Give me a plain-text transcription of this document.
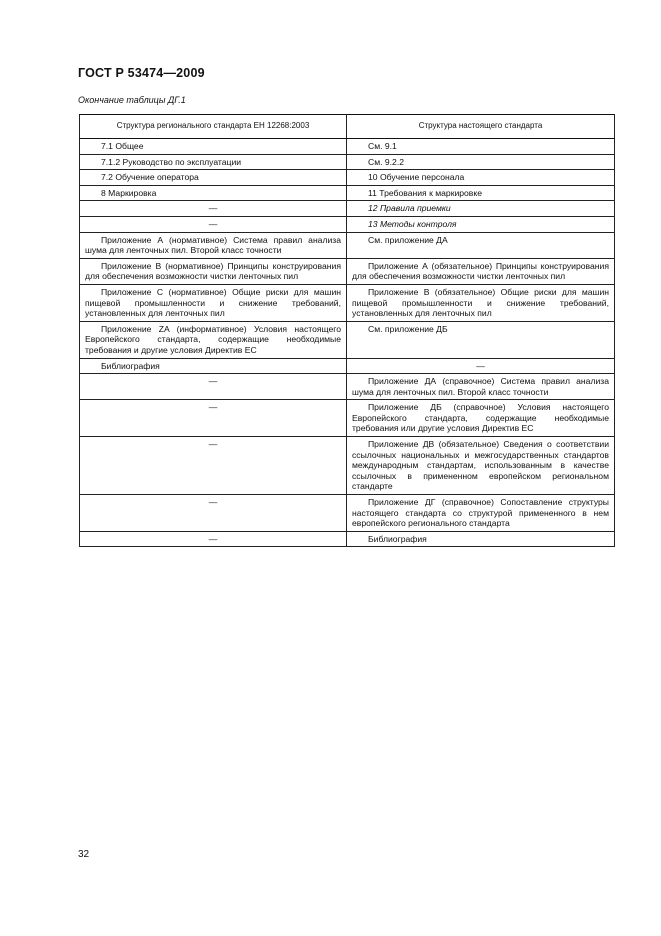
ГОСТ Р 53474—2009
Окончание таблицы ДГ.1
Структура регионального стандарта ЕН 12268:2003	Структура настоящего стандарта

7.1 Общее	См. 9.1

7.1.2 Руководство по эксплуатации	См. 9.2.2

7.2 Обучение оператора	10 Обучение персонала

8 Маркировка	11 Требования к маркировке

—	12 Правила приемки

—	13 Методы контроля

Приложение А (нормативное) Система правил анализа шума для ленточных пил. Второй класс точности	См. приложение ДА

Приложение В (нормативное) Принципы конструирования для обеспечения возможности чистки ленточных пил	Приложение А (обязательное) Принципы конструирования для обеспечения возможности чистки ленточных пил

Приложение С (нормативное) Общие риски для машин пищевой промышленности и снижение требований, установленных для ленточных пил	Приложение В (обязательное) Общие риски для машин пищевой промышленности и снижение требований, установленных для ленточных пил

Приложение ZA (информативное) Условия настоящего Европейского стандарта, содержащие необходимые требования и другие условия Директив ЕС	См. приложение ДБ

Библиография	—
—	Приложение ДА (справочное) Система правил анализа шума для ленточных пил. Второй класс точности

—	Приложение ДБ (справочное) Условия настоящего Европейского стандарта, содержащие необходимые требования или другие условия Директив ЕС

—	Приложение ДВ (обязательное) Сведения о соответствии ссылочных национальных и межгосударственных стандартов международным стандартам, использованным в качестве ссылочных в примененном европейском региональном стандарте

—	Приложение ДГ (справочное) Сопоставление структуры настоящего стандарта со структурой примененного в нем европейского регионального стандарта

—	Библиография
32
